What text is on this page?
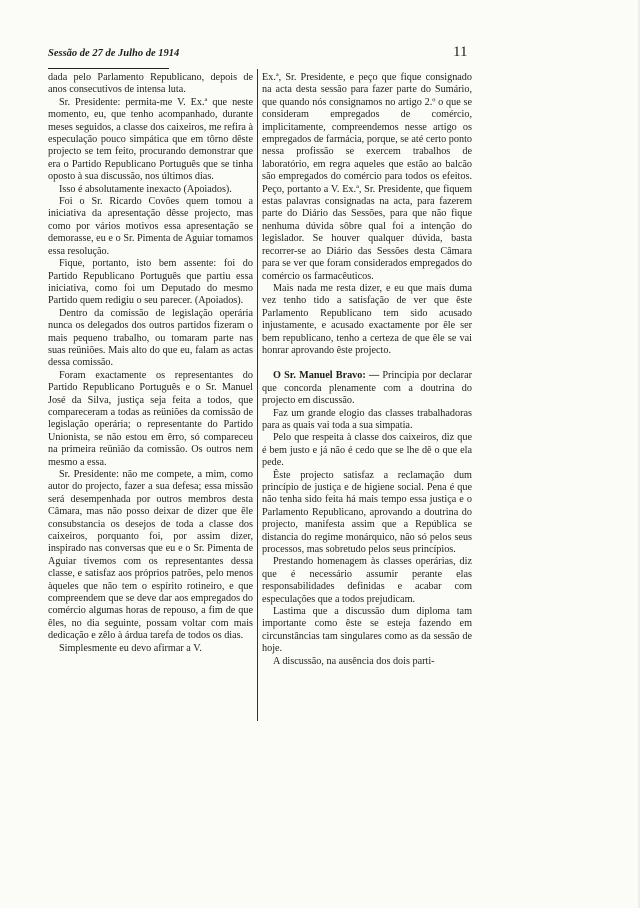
Sessão de 27 de Julho de 1914	11

dada pelo Parlamento Republicano, depois de anos consecutivos de intensa luta.

Sr. Presidente: permita-me V. Ex.ª que neste momento, eu, que tenho acompanhado, durante meses seguidos, a classe dos caixeiros, me refira à especulação pouco simpática que em tôrno dêste projecto se tem feito, procurando demonstrar que era o Partido Republicano Português que se tinha oposto à sua discussão, nos últimos dias.

Isso é absolutamente inexacto (Apoiados).

Foi o Sr. Ricardo Covões quem tomou a iniciativa da apresentação dêsse projecto, mas como por vários motivos essa apresentação se demorasse, eu e o Sr. Pimenta de Aguiar tomamos essa resolução.

Fique, portanto, isto bem assente: foi do Partido Republicano Português que partiu essa iniciativa, como foi um Deputado do mesmo Partido quem redigiu o seu parecer. (Apoiados).

Dentro da comissão de legislação operária nunca os delegados dos outros partidos fizeram o mais pequeno trabalho, ou tomaram parte nas suas reüniões. Mais alto do que eu, falam as actas dessa comissão.

Foram exactamente os representantes do Partido Republicano Português e o Sr. Manuel José da Silva, justiça seja feita a todos, que compareceram a todas as reüniões da comissão de legislação operária; o representante do Partido Unionista, se não estou em êrro, só compareceu na primeira reünião da comissão. Os outros nem mesmo a essa.

Sr. Presidente: não me compete, a mim, como autor do projecto, fazer a sua defesa; essa missão será desempenhada por outros membros desta Câmara, mas não posso deixar de dizer que êle consubstancia os desejos de toda a classe dos caixeiros, porquanto foi, por assim dizer, inspirado nas conversas que eu e o Sr. Pimenta de Aguiar tivemos com os representantes dessa classe, e satisfaz aos próprios patrões, pelo menos àqueles que não tem o espírito rotineiro, e que compreendem que se deve dar aos empregados do comércio algumas horas de repouso, a fim de que êles, no dia seguinte, possam voltar com mais dedicação e zêlo à árdua tarefa de todos os dias.

Simplesmente eu devo afirmar a V.

Ex.ª, Sr. Presidente, e peço que fique consignado na acta desta sessão para fazer parte do Sumário, que quando nós consignamos no artigo 2.º o que se consideram empregados de comércio, implicitamente, compreendemos nesse artigo os empregados de farmácia, porque, se até certo ponto nessa profissão se exercem trabalhos de laboratório, em regra aqueles que estão ao balcão são empregados do comércio para todos os efeitos. Peço, portanto a V. Ex.ª, Sr. Presidente, que fiquem estas palavras consignadas na acta, para fazerem parte do Diário das Sessões, para que não fique nenhuma dúvida sôbre qual foi a intenção do legislador. Se houver qualquer dúvida, basta recorrer-se ao Diário das Sessões desta Câmara para se ver que foram considerados empregados do comércio os farmacêuticos.

Mais nada me resta dizer, e eu que mais duma vez tenho tido a satisfação de ver que êste Parlamento Republicano tem sido acusado injustamente, e acusado exactamente por êle ser bem republicano, tenho a certeza de que êle se vai honrar aprovando êste projecto.

O Sr. Manuel Bravo: — Principia por declarar que concorda plenamente com a doutrina do projecto em discussão.

Faz um grande elogio das classes trabalhadoras para as quais vai toda a sua simpatia.

Pelo que respeita à classe dos caixeiros, diz que é bem justo e já não é cedo que se lhe dê o que ela pede.

Êste projecto satisfaz a reclamação dum princípio de justiça e de higiene social. Pena é que não tenha sido feita há mais tempo essa justiça e o Parlamento Republicano, aprovando a doutrina do projecto, manifesta assim que a República se distancia do regime monárquico, não só pelos seus processos, mas sobretudo pelos seus princípios.

Prestando homenagem às classes operárias, diz que é necessário assumir perante elas responsabilidades definidas e acabar com especulações que a todos prejudicam.

Lastima que a discussão dum diploma tam importante como êste se esteja fazendo em circunstâncias tam singulares como as da sessão de hoje.

A discussão, na ausência dos dois parti-
